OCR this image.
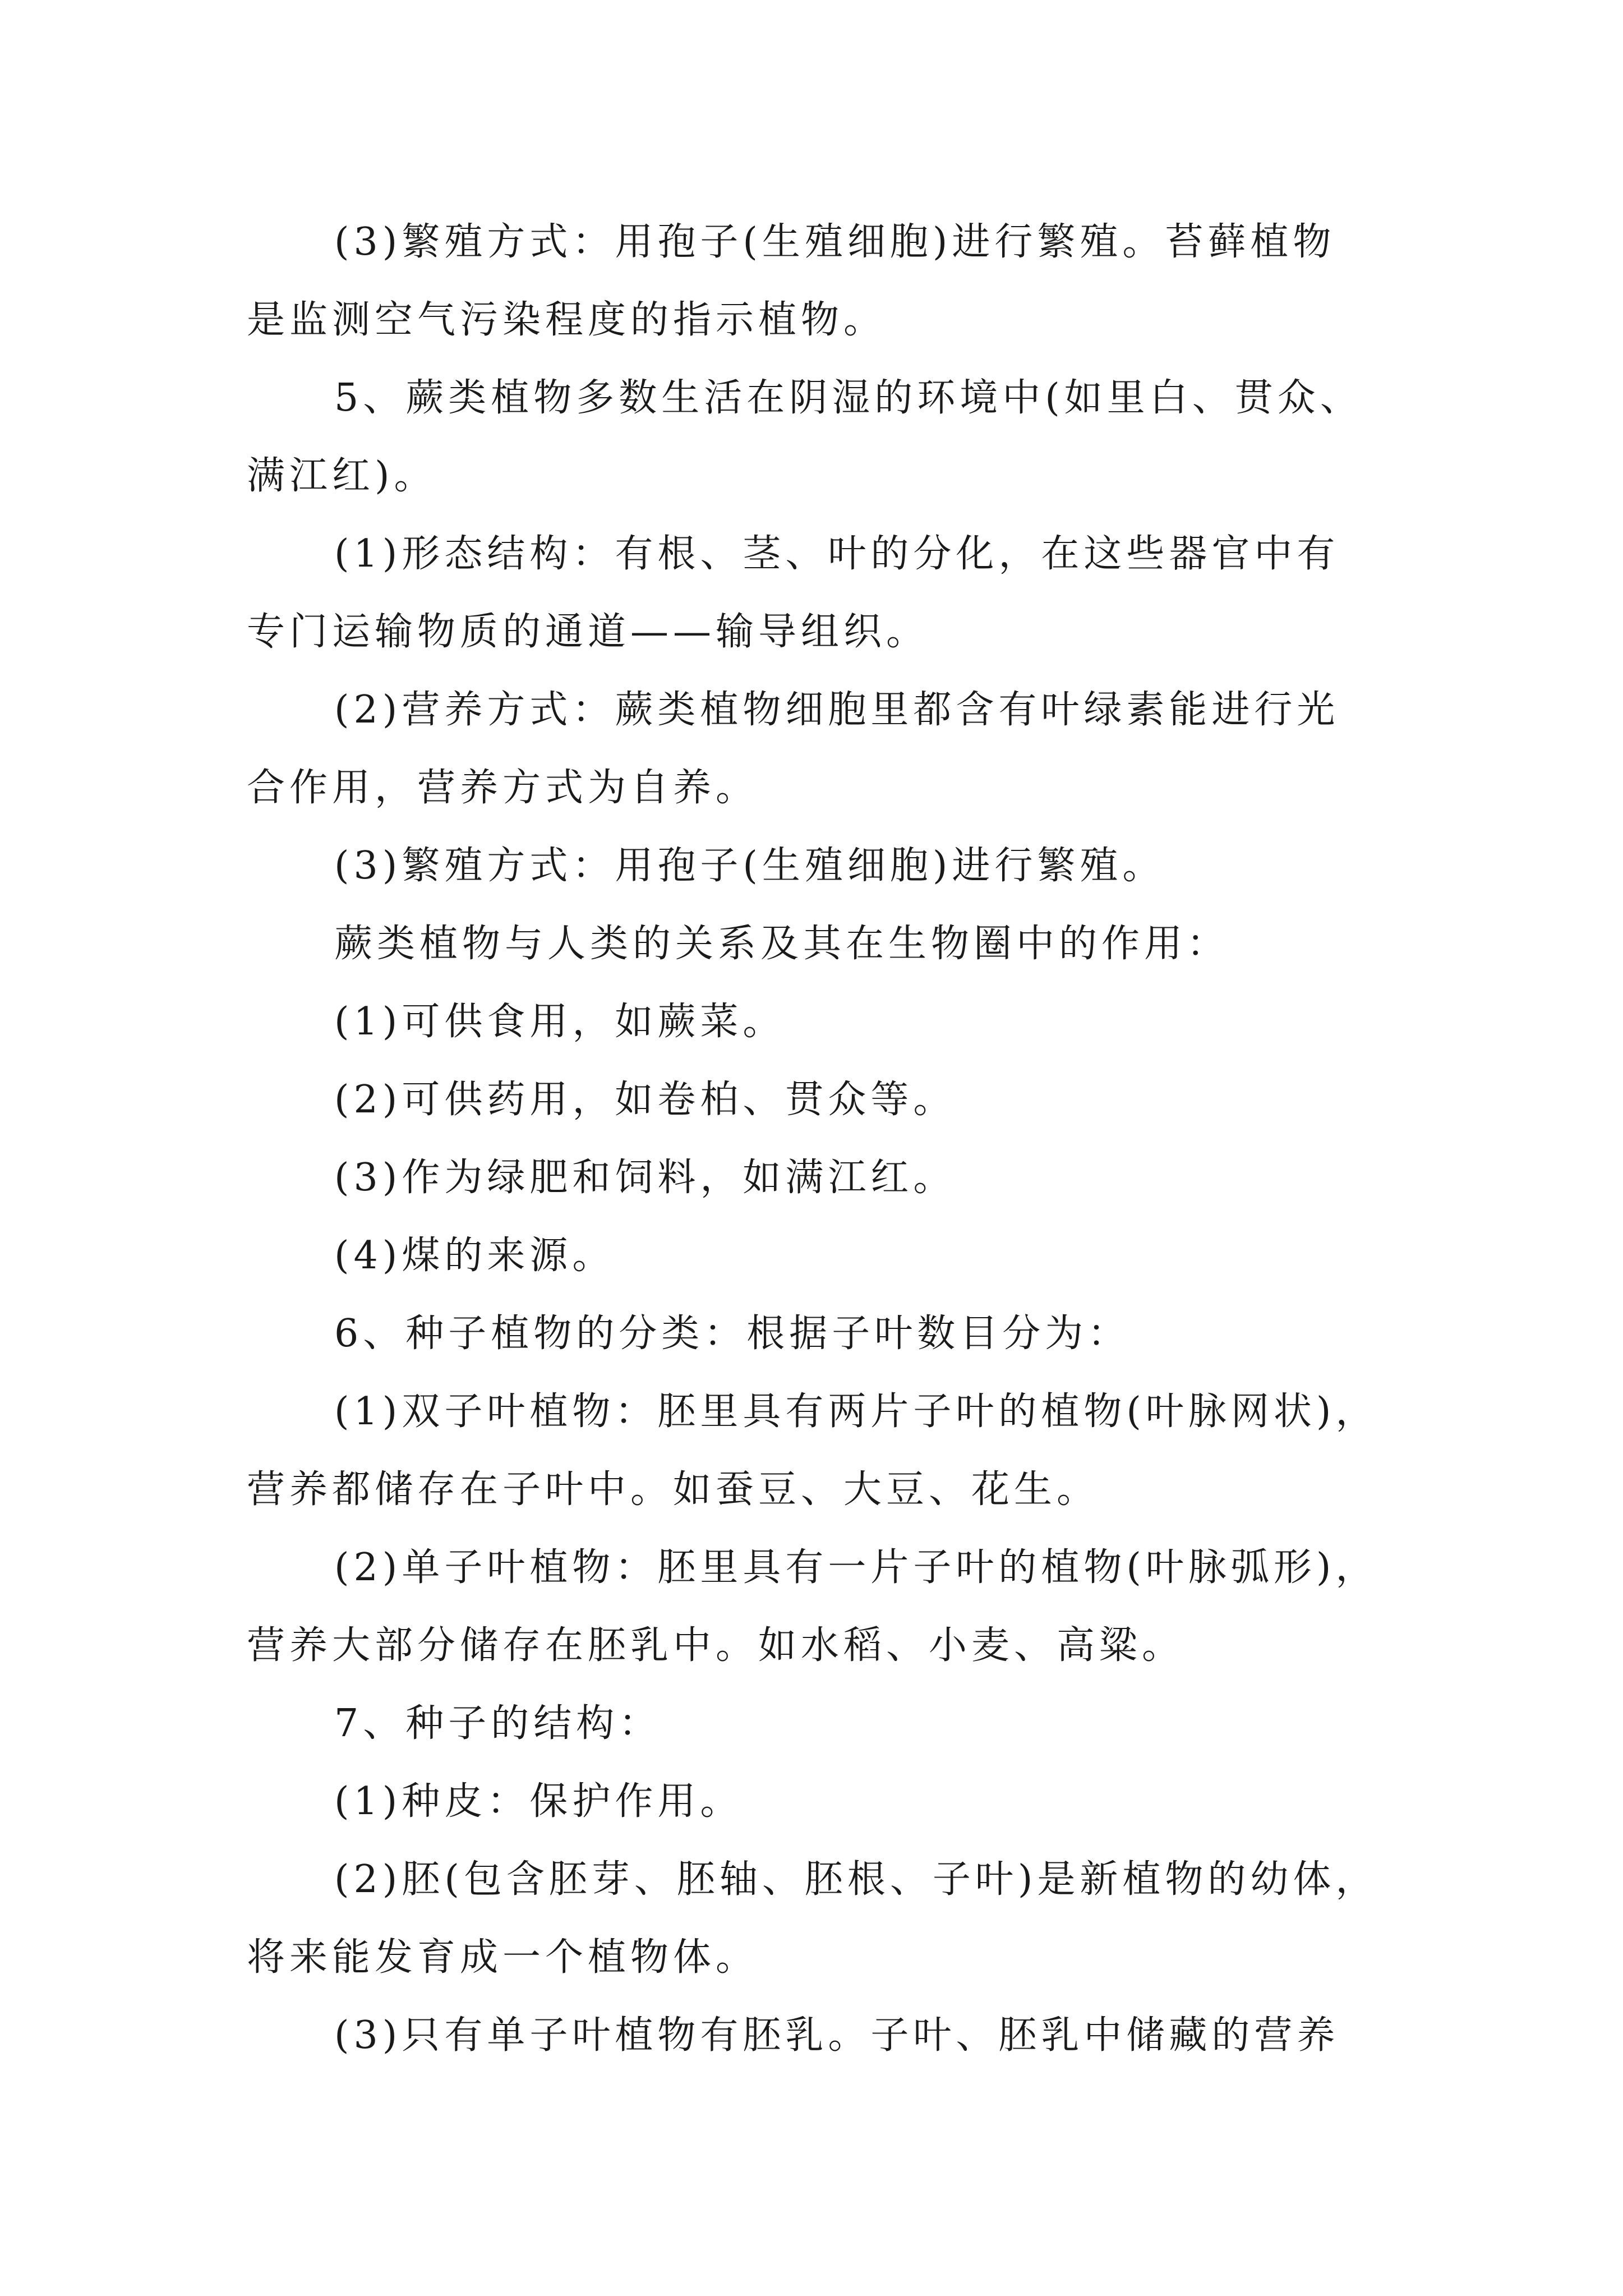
(3)繁殖方式：用孢子(生殖细胞)进行繁殖。苔藓植物
是监测空气污染程度的指示植物。
5、蕨类植物多数生活在阴湿的环境中(如里白、贯众、
满江红)。
(1)形态结构：有根、茎、叶的分化，在这些器官中有
专门运输物质的通道——输导组织。
(2)营养方式：蕨类植物细胞里都含有叶绿素能进行光
合作用，营养方式为自养。
(3)繁殖方式：用孢子(生殖细胞)进行繁殖。
蕨类植物与人类的关系及其在生物圈中的作用：
(1)可供食用，如蕨菜。
(2)可供药用，如卷柏、贯众等。
(3)作为绿肥和饲料，如满江红。
(4)煤的来源。
6、种子植物的分类：根据子叶数目分为：
(1)双子叶植物：胚里具有两片子叶的植物(叶脉网状)，
营养都储存在子叶中。如蚕豆、大豆、花生。
(2)单子叶植物：胚里具有一片子叶的植物(叶脉弧形)，
营养大部分储存在胚乳中。如水稻、小麦、高粱。
7、种子的结构：
(1)种皮：保护作用。
(2)胚(包含胚芽、胚轴、胚根、子叶)是新植物的幼体，
将来能发育成一个植物体。
(3)只有单子叶植物有胚乳。子叶、胚乳中储藏的营养
